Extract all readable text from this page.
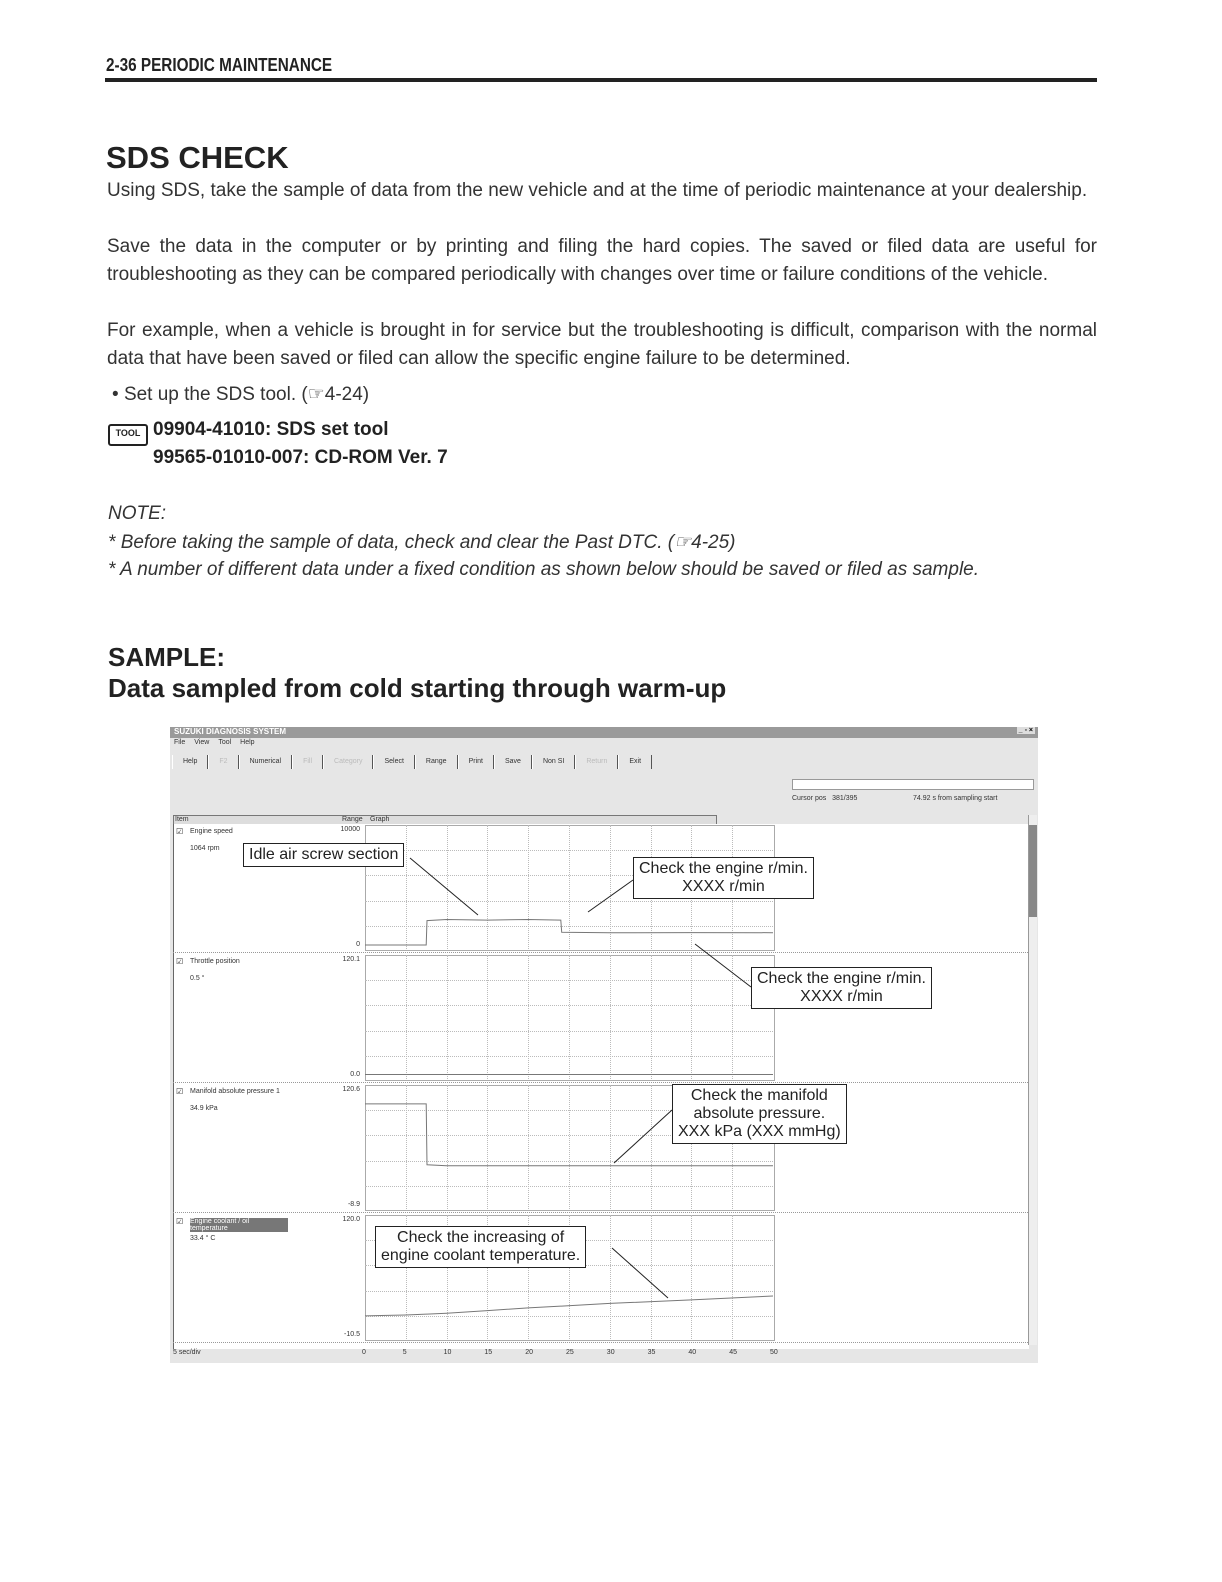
2-36 PERIODIC MAINTENANCE
SDS CHECK
Using SDS, take the sample of data from the new vehicle and at the time of periodic maintenance at your dealership.
Save the data in the computer or by printing and filing the hard copies. The saved or filed data are useful for troubleshooting as they can be compared periodically with changes over time or failure conditions of the vehicle.
For example, when a vehicle is brought in for service but the troubleshooting is difficult, comparison with the normal data that have been saved or filed can allow the specific engine failure to be determined.
• Set up the SDS tool. (☞4-24)
TOOL 09904-41010: SDS set tool
99565-01010-007: CD-ROM Ver. 7
NOTE:
* Before taking the sample of data, check and clear the Past DTC. (☞4-25)
* A number of different data under a fixed condition as shown below should be saved or filed as sample.
SAMPLE:
Data sampled from cold starting through warm-up
SUZUKI DIAGNOSIS SYSTEM	_ ▫ ×
File View Tool Help
Help	F2	Numerical	Fill	Category	Select	Range	Print	Save	Non SI	Return	Exit
Cursor pos 381/395	74.92 s from sampling start
Item	Range Graph
☑ Engine speed
1064 rpm
10000
0
☑ Throttle position
0.5 °
120.1
0.0
☑ Manifold absolute pressure 1
34.9 kPa
120.6
-8.9
☑ Engine coolant / oil temperature
33.4 ° C
120.0
-10.5
5 sec/div	0	5	10	15	20	25	30	35	40	45	50
Idle air screw section
Check the engine r/min.
XXXX r/min
Check the engine r/min.
XXXX r/min
Check the manifold
absolute pressure.
XXX kPa (XXX mmHg)
Check the increasing of
engine coolant temperature.
